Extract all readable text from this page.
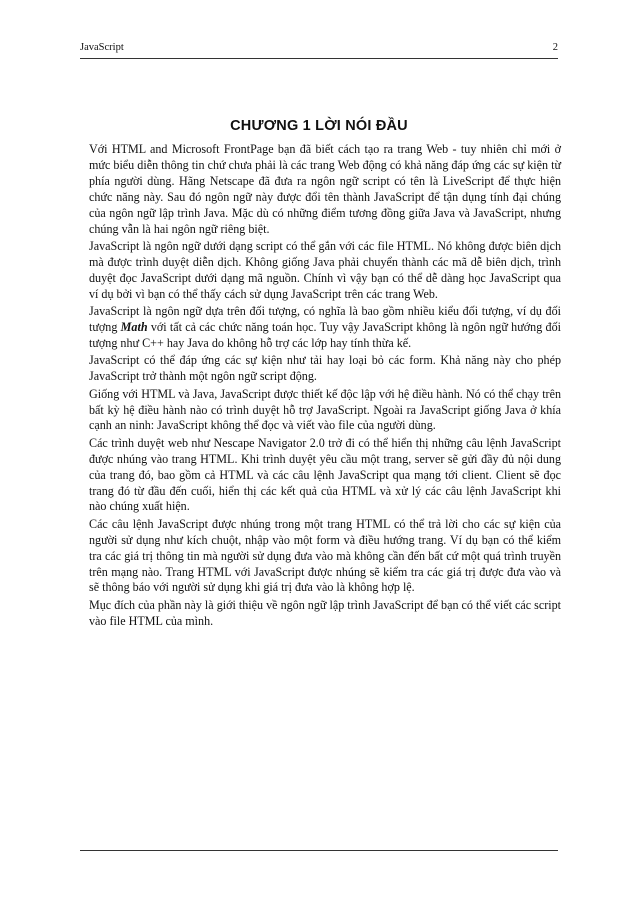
JavaScript	2
CHƯƠNG 1 LỜI NÓI ĐẦU

Với HTML and Microsoft FrontPage bạn đã biết cách tạo ra trang Web - tuy nhiên chỉ mới ở mức biểu diễn thông tin chứ chưa phải là các trang Web động có khả năng đáp ứng các sự kiện từ phía người dùng. Hãng Netscape đã đưa ra ngôn ngữ script có tên là LiveScript để thực hiện chức năng này. Sau đó ngôn ngữ này được đổi tên thành JavaScript để tận dụng tính đại chúng của ngôn ngữ lập trình Java. Mặc dù có những điểm tương đồng giữa Java và JavaScript, nhưng chúng vẫn là hai ngôn ngữ riêng biệt.

JavaScript là ngôn ngữ dưới dạng script có thể gắn với các file HTML. Nó không được biên dịch mà được trình duyệt diễn dịch. Không giống Java phải chuyển thành các mã dễ biên dịch, trình duyệt đọc JavaScript dưới dạng mã nguồn. Chính vì vậy bạn có thể dễ dàng học JavaScript qua ví dụ bởi vì bạn có thể thấy cách sử dụng JavaScript trên các trang Web.

JavaScript là ngôn ngữ dựa trên đối tượng, có nghĩa là bao gồm nhiều kiểu đối tượng, ví dụ đối tượng Math với tất cả các chức năng toán học. Tuy vậy JavaScript không là ngôn ngữ hướng đối tượng như C++ hay Java do không hỗ trợ các lớp hay tính thừa kế.

JavaScript có thể đáp ứng các sự kiện như tải hay loại bỏ các form. Khả năng này cho phép JavaScript trở thành một ngôn ngữ script động.

Giống với HTML và Java, JavaScript được thiết kế độc lập với hệ điều hành. Nó có thể chạy trên bất kỳ hệ điều hành nào có trình duyệt hỗ trợ JavaScript. Ngoài ra JavaScript giống Java ở khía cạnh an ninh: JavaScript không thể đọc và viết vào file của người dùng.

Các trình duyệt web như Nescape Navigator 2.0 trở đi có thể hiển thị những câu lệnh JavaScript được nhúng vào trang HTML. Khi trình duyệt yêu cầu một trang, server sẽ gửi đầy đủ nội dung của trang đó, bao gồm cả HTML và các câu lệnh JavaScript qua mạng tới client. Client sẽ đọc trang đó từ đầu đến cuối, hiển thị các kết quả của HTML và xử lý các câu lệnh JavaScript khi nào chúng xuất hiện.

Các câu lệnh JavaScript được nhúng trong một trang HTML có thể trả lời cho các sự kiện của người sử dụng như kích chuột, nhập vào một form và điều hướng trang. Ví dụ bạn có thể kiểm tra các giá trị thông tin mà người sử dụng đưa vào mà không cần đến bất cứ một quá trình truyền trên mạng nào. Trang HTML với JavaScript được nhúng sẽ kiểm tra các giá trị được đưa vào và sẽ thông báo với người sử dụng khi giá trị đưa vào là không hợp lệ.

Mục đích của phần này là giới thiệu về ngôn ngữ lập trình JavaScript để bạn có thể viết các script vào file HTML của mình.
